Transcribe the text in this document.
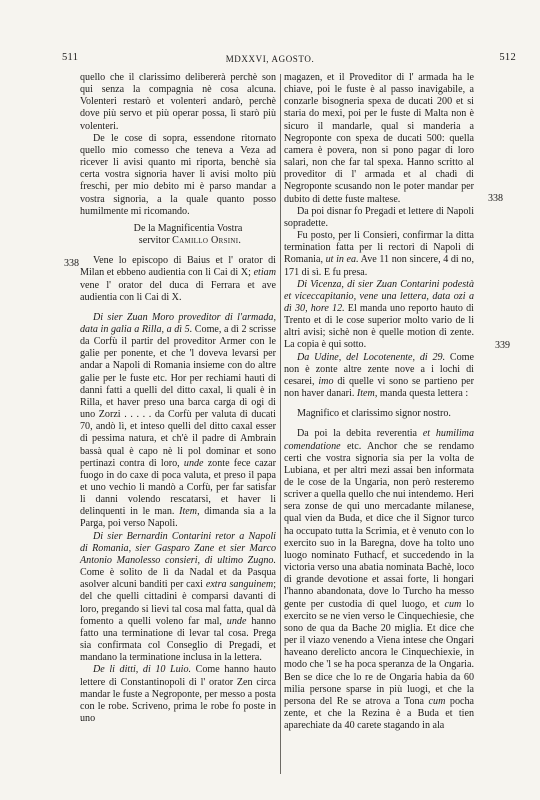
511	MDXXVI, AGOSTO.	512
338
338
339

quello che il clarissimo delibererà perchè son qui senza la compagnia nè cosa alcuna. Volenteri restarò et volenteri andarò, perchè dove più servo et più operar possa, lì starò più volenteri.

De le cose di sopra, essendone ritornato quello mio comesso che teneva a Veza ad ricever li avisi quanto mi riporta, benchè sia certa vostra signoria haver li avisi molto più freschi, per mio debito mi è parso mandar a vostra signoria, a la quale quanto posso humilmente mi ricomando.

De la Magnificentia Vostra
servitor Camillo Orsini.

Vene lo episcopo di Baius et l' orator di Milan et ebbeno audientia con li Cai di X; etiam vene l' orator del duca di Ferrara et ave audientia con li Cai di X.

Di sier Zuan Moro proveditor di l'armada, data in galia a Rilla, a dì 5. Come, a dì 2 scrisse da Corfù il partir del proveditor Armer con le galie per ponente, et che 'l doveva levarsi per andar a Napoli di Romania insieme con do altre galie per le fuste etc. Hor per rechiami hauti di danni fatti a quelli del ditto caxal, li quali è in Rilla, et haver preso una barca carga di ogi di uno Zorzi . . . . . da Corfù per valuta di ducati 70, andò lì, et inteso quelli del ditto caxal esser di pessima natura, et ch'è il padre di Ambrain bassà qual è capo nè li pol dominar et sono pertinazi contra di loro, unde zonte fece cazar fuogo in do caxe di poca valuta, et preso il papa et uno vechio li mandò a Corfù, per far satisfar li danni volendo rescatarsi, et haver li delinquenti in le man. Item, dimanda sia a la Parga, poi verso Napoli.

Di sier Bernardin Contarini retor a Napoli di Romania, sier Gasparo Zane et sier Marco Antonio Manolesso consieri, di ultimo Zugno. Come è solito de lì da Nadal et da Pasqua asolver alcuni banditi per caxi extra sanguinem; del che quelli cittadini è comparsi davanti di loro, pregando si lievi tal cosa mal fatta, qual dà fomento a quelli voleno far mal, unde hanno fatto una terminatione di levar tal cosa. Prega sia confirmata col Conseglio di Pregadi, et mandano la terminatione inclusa in la lettera.

De li ditti, di 10 Luio. Come hanno hauto lettere di Constantinopoli di l' orator Zen circa mandar le fuste a Negroponte, per messo a posta con le robe. Scriveno, prima le robe fo poste in uno

magazen, et il Proveditor di l' armada ha le chiave, poi le fuste è al passo inavigabile, a conzarle bisogneria spexa de ducati 200 et si staria do mexi, poi per le fuste di Malta non è sicuro il mandarle, qual si manderia a Negroponte con spexa de ducati 500: quella camera è povera, non si pono pagar di loro salari, non che far tal spexa. Hanno scritto al proveditor di l' armada et al chadì di Negroponte scusando non le poter mandar per dubito di dette fuste maltese.

Da poi disnar fo Pregadi et lettere di Napoli sopradette.

Fu posto, per li Consieri, confirmar la ditta termination fatta per li rectori di Napoli di Romania, ut in ea. Ave 11 non sincere, 4 di no, 171 di sì. E fu presa.

Di Vicenza, di sier Zuan Contarini podestà et viceccapitanio, vene una lettera, data ozi a dì 30, hore 12. El manda uno reporto hauto di Trento et di le cose superior molto vario de li altri avisi; sichè non è quelle motion di zente. La copia è qui sotto.

Da Udine, del Locotenente, di 29. Come non è zonte altre zente nove a i lochi di cesarei, imo di quelle vi sono se partieno per non haver danari. Item, manda questa lettera :

Magnifico et clarissimo signor nostro.

Da poi la debita reverentia et humilima comendatione etc. Anchor che se rendamo certi che vostra signoria sia per la volta de Lubiana, et per altri mezi assai ben informata de le cose de la Ungaria, non però resteremo scriver a quella quello che nui intendemo. Heri sera zonse de qui uno mercadante milanese, qual vien da Buda, et dice che il Signor turco ha occupato tutta la Scrimia, et è venuto con lo exercito suo in la Baregna, dove ha tolto uno luogo nominato Futhacf, et succedendo in la victoria verso una abatia nominata Bachè, loco di grande devotione et assai forte, li hongari l'hanno abandonata, dove lo Turcho ha messo gente per custodia di quel luogo, et cum lo exercito se ne vien verso le Cinquechiesie, che sono de qua da Bache 20 miglia. Et dice che per il viazo venendo a Viena intese che Ongari haveano derelicto ancora le Cinquechiexie, in modo che 'l se ha poca speranza de la Ongaria. Ben se dice che lo re de Ongaria habia da 60 milia persone sparse in più luogi, et che la persona del Re se atrova a Tona cum pocha zente, et che la Rezina è a Buda et tien aparechiate da 40 carete stagando in ala
